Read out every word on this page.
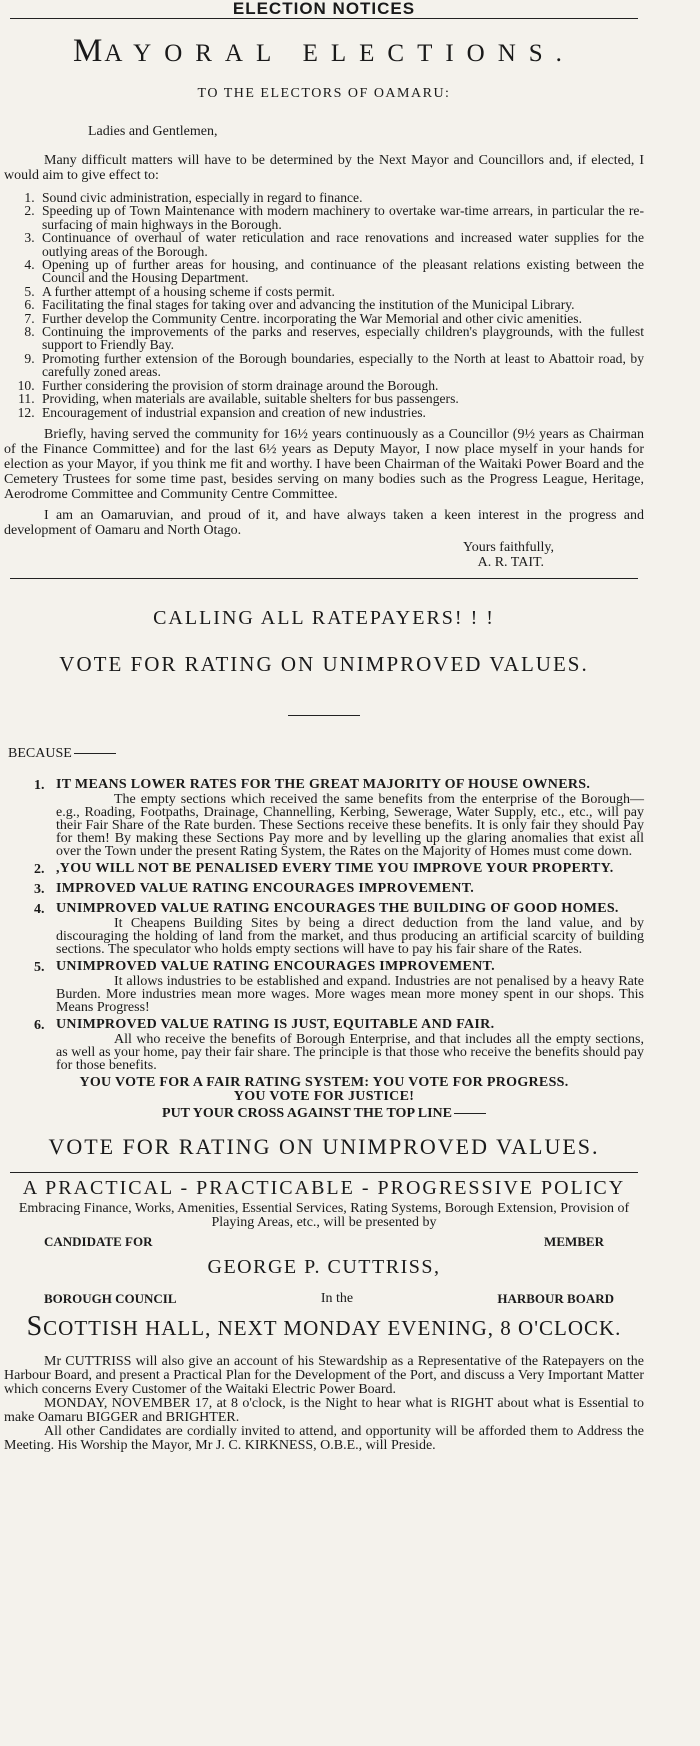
ELECTION NOTICES
MAYORAL ELECTIONS.
TO THE ELECTORS OF OAMARU:
Ladies and Gentlemen,

Many difficult matters will have to be determined by the Next Mayor and Councillors and, if elected, I would aim to give effect to:

1. Sound civic administration, especially in regard to finance.
2. Speeding up of Town Maintenance with modern machinery to overtake war-time arrears, in particular the re-surfacing of main highways in the Borough.
3. Continuance of overhaul of water reticulation and race renovations and increased water supplies for the outlying areas of the Borough.
4. Opening up of further areas for housing, and continuance of the pleasant relations existing between the Council and the Housing Department.
5. A further attempt of a housing scheme if costs permit.
6. Facilitating the final stages for taking over and advancing the institution of the Municipal Library.
7. Further develop the Community Centre. incorporating the War Memorial and other civic amenities.
8. Continuing the improvements of the parks and reserves, especially children's playgrounds, with the fullest support to Friendly Bay.
9. Promoting further extension of the Borough boundaries, especially to the North at least to Abattoir road, by carefully zoned areas.
10. Further considering the provision of storm drainage around the Borough.
11. Providing, when materials are available, suitable shelters for bus passengers.
12. Encouragement of industrial expansion and creation of new industries.

Briefly, having served the community for 16½ years continuously as a Councillor (9½ years as Chairman of the Finance Committee) and for the last 6½ years as Deputy Mayor, I now place myself in your hands for election as your Mayor, if you think me fit and worthy. I have been Chairman of the Waitaki Power Board and the Cemetery Trustees for some time past, besides serving on many bodies such as the Progress League, Heritage, Aerodrome Committee and Community Centre Committee.

I am an Oamaruvian, and proud of it, and have always taken a keen interest in the progress and development of Oamaru and North Otago.

Yours faithfully,
A. R. TAIT.
CALLING ALL RATEPAYERS! ! !
VOTE FOR RATING ON UNIMPROVED VALUES.
BECAUSE
1. IT MEANS LOWER RATES FOR THE GREAT MAJORITY OF HOUSE OWNERS.
The empty sections which received the same benefits from the enterprise of the Borough—e.g., Roading, Footpaths, Drainage, Channelling, Kerbing, Sewerage, Water Supply, etc., etc., will pay their Fair Share of the Rate burden. These Sections receive these benefits. It is only fair they should Pay for them! By making these Sections Pay more and by levelling up the glaring anomalies that exist all over the Town under the present Rating System, the Rates on the Majority of Homes must come down.
2. ,YOU WILL NOT BE PENALISED EVERY TIME YOU IMPROVE YOUR PROPERTY.
3. IMPROVED VALUE RATING ENCOURAGES IMPROVEMENT.
4. UNIMPROVED VALUE RATING ENCOURAGES THE BUILDING OF GOOD HOMES.
It Cheapens Building Sites by being a direct deduction from the land value, and by discouraging the holding of land from the market, and thus producing an artificial scarcity of building sections. The speculator who holds empty sections will have to pay his fair share of the Rates.
5. UNIMPROVED VALUE RATING ENCOURAGES IMPROVEMENT.
It allows industries to be established and expand. Industries are not penalised by a heavy Rate Burden. More industries mean more wages. More wages mean more money spent in our shops. This Means Progress!
6. UNIMPROVED VALUE RATING IS JUST, EQUITABLE AND FAIR.
All who receive the benefits of Borough Enterprise, and that includes all the empty sections, as well as your home, pay their fair share. The principle is that those who receive the benefits should pay for those benefits.

YOU VOTE FOR A FAIR RATING SYSTEM: YOU VOTE FOR PROGRESS.

YOU VOTE FOR JUSTICE!

PUT YOUR CROSS AGAINST THE TOP LINE
VOTE FOR RATING ON UNIMPROVED VALUES.
A PRACTICAL - PRACTICABLE - PROGRESSIVE POLICY

Embracing Finance, Works, Amenities, Essential Services, Rating Systems, Borough Extension, Provision of Playing Areas, etc., will be presented by

CANDIDATE FOR	MEMBER
GEORGE P. CUTTRISS,
BOROUGH COUNCIL	In the	HARBOUR BOARD
SCOTTISH HALL, NEXT MONDAY EVENING, 8 O'CLOCK.

Mr CUTTRISS will also give an account of his Stewardship as a Representative of the Ratepayers on the Harbour Board, and present a Practical Plan for the Development of the Port, and discuss a Very Important Matter which concerns Every Customer of the Waitaki Electric Power Board.

MONDAY, NOVEMBER 17, at 8 o'clock, is the Night to hear what is RIGHT about what is Essential to make Oamaru BIGGER and BRIGHTER.

All other Candidates are cordially invited to attend, and opportunity will be afforded them to Address the Meeting. His Worship the Mayor, Mr J. C. KIRKNESS, O.B.E., will Preside.
